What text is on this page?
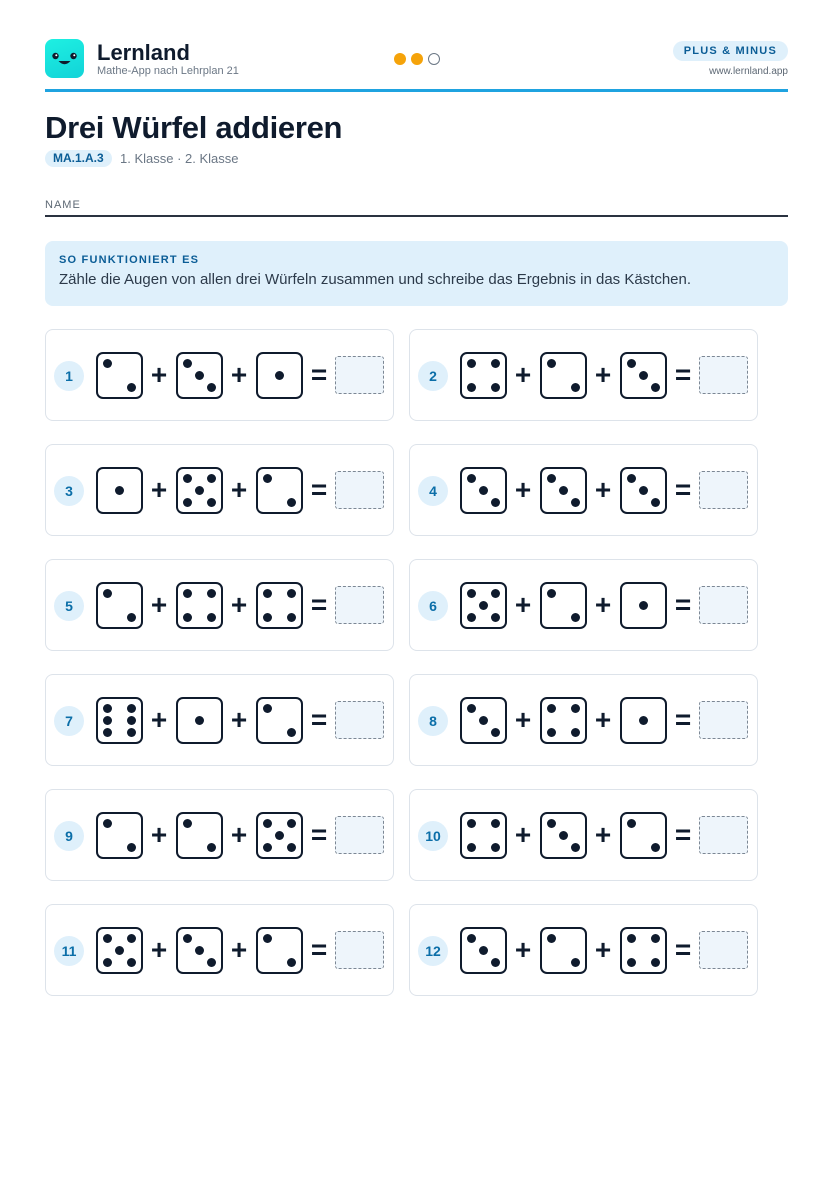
Lernland
Mathe-App nach Lehrplan 21
PLUS & MINUS
www.lernland.app
Drei Würfel addieren
MA.1.A.3	1. Klasse · 2. Klasse
NAME
SO FUNKTIONIERT ES
Zähle die Augen von allen drei Würfeln zusammen und schreibe das Ergebnis in das Kästchen.
1	+ + =	2	+ + =
3	+ + =	4	+ + =
5	+ + =	6	+ + =
7	+ + =	8	+ + =
9	+ + =	10	+ + =
11	+ + =	12	+ + =
